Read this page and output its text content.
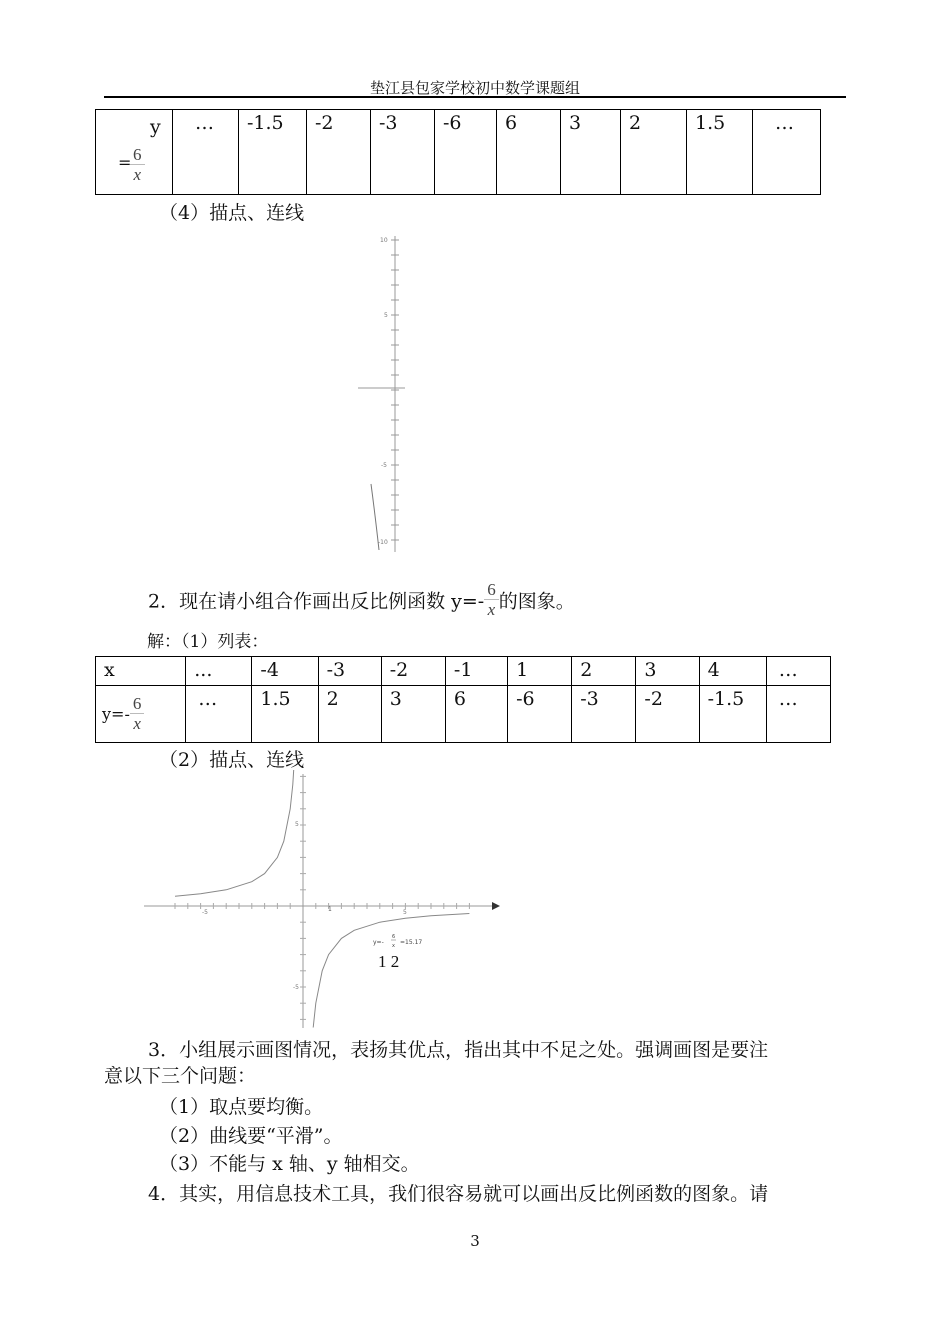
垫江县包家学校初中数学课题组
y
=
$\frac{6}{x}$
	…	-1.5	-2	-3	-6	6	3	2	1.5	…
（4）描点、连线
10
5
-5
-10
2．现在请小组合作画出反比例函数 $y=- \frac{6}{x}$ 的图象。
解：（1）列表：
x	...	-4	-3	-2	-1	1	2	3	4	…
$y=- \frac{6}{x}$	…	1.5	2	3	6	-6	-3	-2	-1.5	…
（2）描点、连线
-5	1	5
5
-5
y=-
6
x =15.17
1 2
3．小组展示画图情况，表扬其优点，指出其中不足之处。强调画图是要注
意以下三个问题：
（1）取点要均衡。
（2）曲线要“平滑”。
（3）不能与 x 轴、y 轴相交。
4．其实，用信息技术工具，我们很容易就可以画出反比例函数的图象。请
3
